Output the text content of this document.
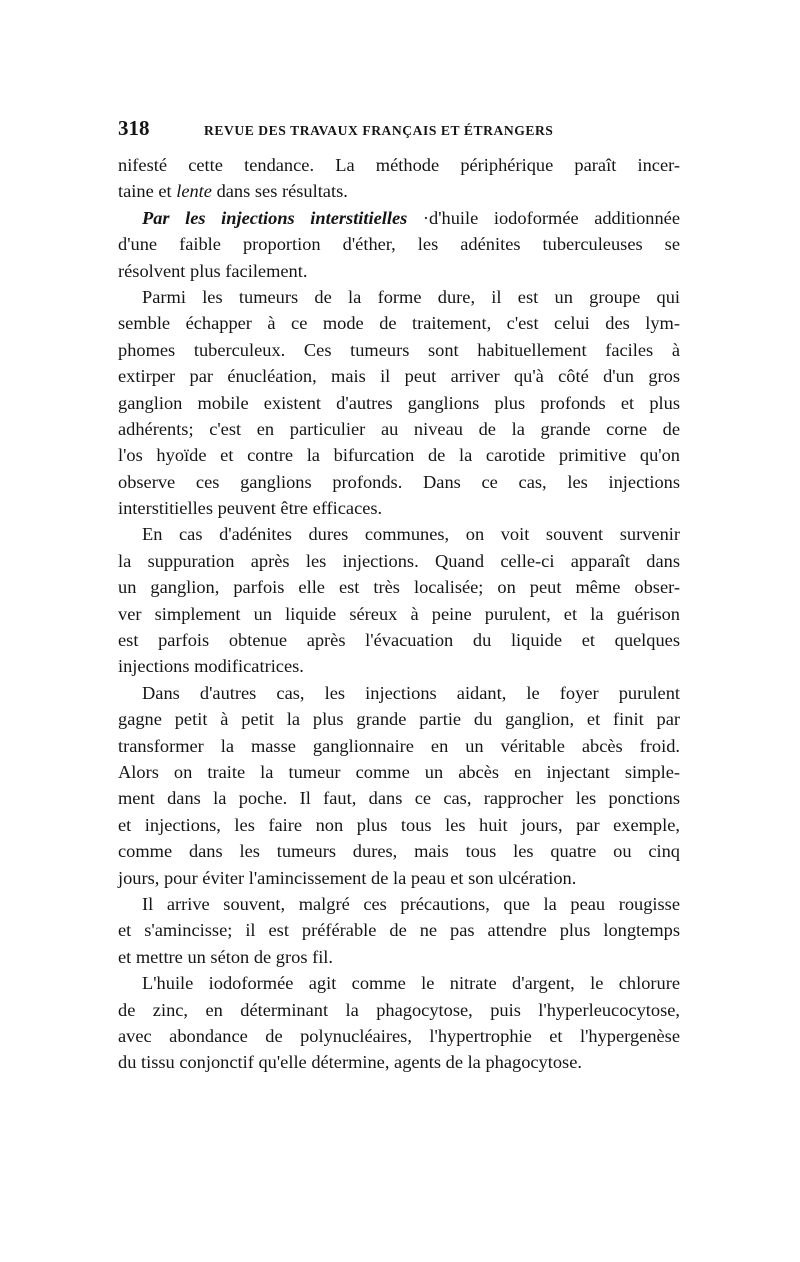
318	REVUE DES TRAVAUX FRANÇAIS ET ÉTRANGERS
nifesté cette tendance. La méthode périphérique paraît incer-
taine et lente dans ses résultats.
Par les injections interstitielles ·d'huile iodoformée additionnée
d'une faible proportion d'éther, les adénites tuberculeuses se
résolvent plus facilement.
Parmi les tumeurs de la forme dure, il est un groupe qui
semble échapper à ce mode de traitement, c'est celui des lym-
phomes tuberculeux. Ces tumeurs sont habituellement faciles à
extirper par énucléation, mais il peut arriver qu'à côté d'un gros
ganglion mobile existent d'autres ganglions plus profonds et plus
adhérents; c'est en particulier au niveau de la grande corne de
l'os hyoïde et contre la bifurcation de la carotide primitive qu'on
observe ces ganglions profonds. Dans ce cas, les injections
interstitielles peuvent être efficaces.
En cas d'adénites dures communes, on voit souvent survenir
la suppuration après les injections. Quand celle-ci apparaît dans
un ganglion, parfois elle est très localisée; on peut même obser-
ver simplement un liquide séreux à peine purulent, et la guérison
est parfois obtenue après l'évacuation du liquide et quelques
injections modificatrices.
Dans d'autres cas, les injections aidant, le foyer purulent
gagne petit à petit la plus grande partie du ganglion, et finit par
transformer la masse ganglionnaire en un véritable abcès froid.
Alors on traite la tumeur comme un abcès en injectant simple-
ment dans la poche. Il faut, dans ce cas, rapprocher les ponctions
et injections, les faire non plus tous les huit jours, par exemple,
comme dans les tumeurs dures, mais tous les quatre ou cinq
jours, pour éviter l'amincissement de la peau et son ulcération.
Il arrive souvent, malgré ces précautions, que la peau rougisse
et s'amincisse; il est préférable de ne pas attendre plus longtemps
et mettre un séton de gros fil.
L'huile iodoformée agit comme le nitrate d'argent, le chlorure
de zinc, en déterminant la phagocytose, puis l'hyperleucocytose,
avec abondance de polynucléaires, l'hypertrophie et l'hypergenèse
du tissu conjonctif qu'elle détermine, agents de la phagocytose.
